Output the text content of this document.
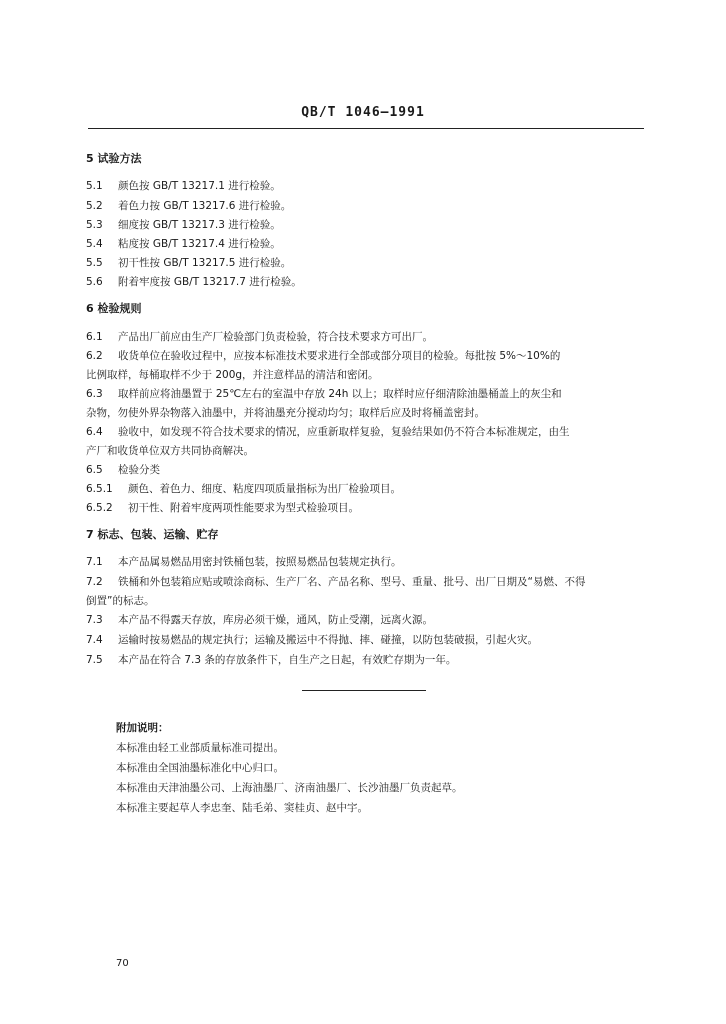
QB/T 1046—1991
5 试验方法
5.1 颜色按 GB/T 13217.1 进行检验。
5.2 着色力按 GB/T 13217.6 进行检验。
5.3 细度按 GB/T 13217.3 进行检验。
5.4 粘度按 GB/T 13217.4 进行检验。
5.5 初干性按 GB/T 13217.5 进行检验。
5.6 附着牢度按 GB/T 13217.7 进行检验。
6 检验规则
6.1 产品出厂前应由生产厂检验部门负责检验，符合技术要求方可出厂。
6.2 收货单位在验收过程中，应按本标准技术要求进行全部或部分项目的检验。每批按 5%～10%的
比例取样，每桶取样不少于 200g，并注意样品的清洁和密闭。
6.3 取样前应将油墨置于 25℃左右的室温中存放 24h 以上；取样时应仔细清除油墨桶盖上的灰尘和
杂物，勿使外界杂物落入油墨中，并将油墨充分搅动均匀；取样后应及时将桶盖密封。
6.4 验收中，如发现不符合技术要求的情况，应重新取样复验，复验结果如仍不符合本标准规定，由生
产厂和收货单位双方共同协商解决。
6.5 检验分类
6.5.1 颜色、着色力、细度、粘度四项质量指标为出厂检验项目。
6.5.2 初干性、附着牢度两项性能要求为型式检验项目。
7 标志、包装、运输、贮存
7.1 本产品属易燃品用密封铁桶包装，按照易燃品包装规定执行。
7.2 铁桶和外包装箱应贴或喷涂商标、生产厂名、产品名称、型号、重量、批号、出厂日期及“易燃、不得
倒置”的标志。
7.3 本产品不得露天存放，库房必须干燥，通风，防止受潮，远离火源。
7.4 运输时按易燃品的规定执行；运输及搬运中不得抛、摔、碰撞，以防包装破损，引起火灾。
7.5 本产品在符合 7.3 条的存放条件下，自生产之日起，有效贮存期为一年。
附加说明：
本标准由轻工业部质量标准司提出。
本标准由全国油墨标准化中心归口。
本标准由天津油墨公司、上海油墨厂、济南油墨厂、长沙油墨厂负责起草。
本标准主要起草人李忠奎、陆毛弟、窦桂贞、赵中宇。
70
